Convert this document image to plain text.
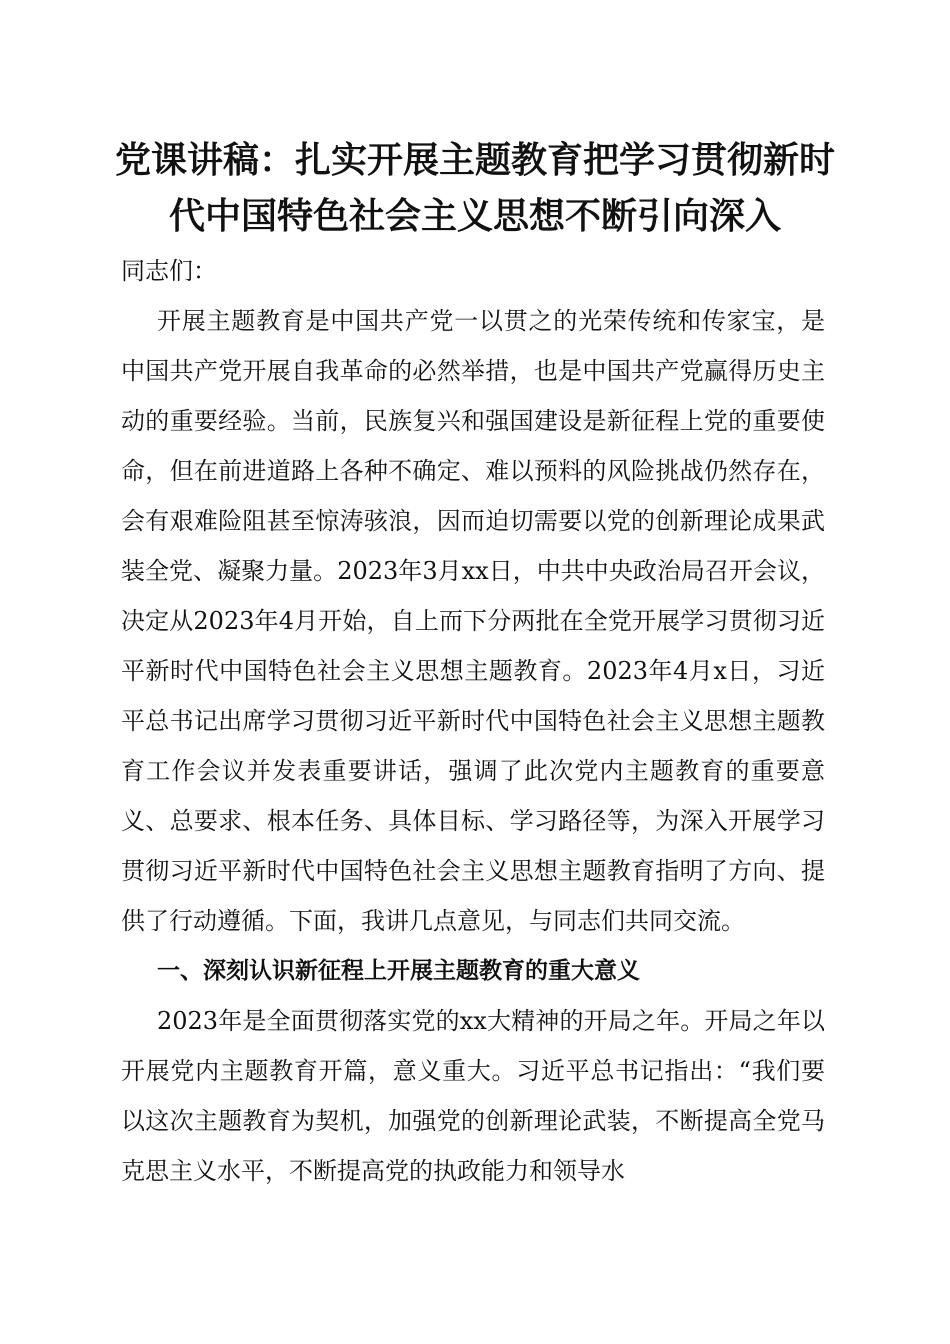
党课讲稿：扎实开展主题教育把学习贯彻新时
代中国特色社会主义思想不断引向深入

同志们：

开展主题教育是中国共产党一以贯之的光荣传统和传家宝，是中国共产党开展自我革命的必然举措，也是中国共产党赢得历史主动的重要经验。当前，民族复兴和强国建设是新征程上党的重要使命，但在前进道路上各种不确定、难以预料的风险挑战仍然存在，会有艰难险阻甚至惊涛骇浪，因而迫切需要以党的创新理论成果武装全党、凝聚力量。2023年3月xx日，中共中央政治局召开会议，决定从2023年4月开始，自上而下分两批在全党开展学习贯彻习近平新时代中国特色社会主义思想主题教育。2023年4月x日，习近平总书记出席学习贯彻习近平新时代中国特色社会主义思想主题教育工作会议并发表重要讲话，强调了此次党内主题教育的重要意义、总要求、根本任务、具体目标、学习路径等，为深入开展学习贯彻习近平新时代中国特色社会主义思想主题教育指明了方向、提供了行动遵循。下面，我讲几点意见，与同志们共同交流。

一、深刻认识新征程上开展主题教育的重大意义

2023年是全面贯彻落实党的xx大精神的开局之年。开局之年以开展党内主题教育开篇，意义重大。习近平总书记指出：“我们要以这次主题教育为契机，加强党的创新理论武装，不断提高全党马克思主义水平，不断提高党的执政能力和领导水
